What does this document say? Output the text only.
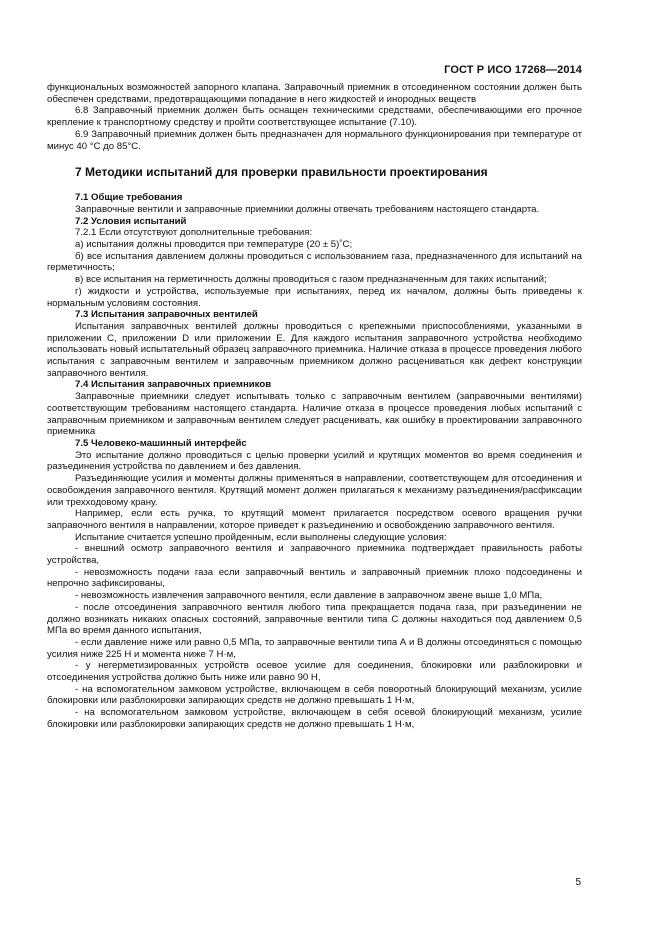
ГОСТ Р ИСО 17268—2014

функциональных возможностей запорного клапана. Заправочный приемник в отсоединенном состоянии должен быть обеспечен средствами, предотвращающими попадание в него жидкостей и инородных веществ

6.8 Заправочный приемник должен быть оснащен техническими средствами, обеспечивающими его прочное крепление к транспортному средству и пройти соответствующее испытание (7.10).

6.9 Заправочный приемник должен быть предназначен для нормального функционирования при температуре от минус 40 °С до 85°С.

7 Методики испытаний для проверки правильности проектирования

7.1 Общие требования

Заправочные вентили и заправочные приемники должны отвечать требованиям настоящего стандарта.

7.2 Условия испытаний

7.2.1 Если отсутствуют дополнительные требования:

а) испытания должны проводится при температуре (20 ± 5)˚С;

б) все испытания давлением должны проводиться с использованием газа, предназначенного для испытаний на герметичность;

в) все испытания на герметичность должны проводиться с газом предназначенным для таких испытаний;

г) жидкости и устройства, используемые при испытаниях, перед их началом, должны быть приведены к нормальным условиям состояния.

7.3 Испытания заправочных вентилей

Испытания заправочных вентилей должны проводиться с крепежными приспособлениями, указанными в приложении С, приложении D или приложении Е. Для каждого испытания заправочного устройства необходимо использовать новый испытательный образец заправочного приемника. Наличие отказа в процессе проведения любого испытания с заправочным вентилем и заправочным приемником должно расцениваться как дефект конструкции заправочного вентиля.

7.4 Испытания заправочных приемников

Заправочные приемники следует испытывать только с заправочным вентилем (заправочными вентилями) соответствующим требованиям настоящего стандарта. Наличие отказа в процессе проведения любых испытаний с заправочным приемником и заправочным вентилем следует расценивать, как ошибку в проектировании заправочного приемника

7.5 Человеко-машинный интерфейс

Это испытание должно проводиться с целью проверки усилий и крутящих моментов во время соединения и разъединения устройства по давлением и без давления.

Разъединяющие усилия и моменты должны применяться в направлении, соответствующем для отсоединения и освобождения заправочного вентиля. Крутящий момент должен прилагаться к механизму разъединения/расфиксации или трехходовому крану.

Например, если есть ручка, то крутящий момент прилагается посредством осевого вращения ручки заправочного вентиля в направлении, которое приведет к разъединению и освобождению заправочного вентиля.

Испытание считается успешно пройденным, если выполнены следующие условия:

- внешний осмотр заправочного вентиля и заправочного приемника подтверждает правильность работы устройства,

- невозможность подачи газа если заправочный вентиль и заправочный приемник плохо подсоединены и непрочно зафиксированы,

- невозможность извлечения заправочного вентиля, если давление в заправочном звене выше 1,0 МПа,

- после отсоединения заправочного вентиля любого типа прекращается подача газа, при разъединении не должно возникать никаких опасных состояний, заправочные вентили типа С должны находиться под давлением 0,5 МПа во время данного испытания,

- если давление ниже или равно 0,5 МПа, то заправочные вентили типа А и В должны отсоединяться с помощью усилия ниже 225 Н и момента ниже 7 Н·м,

- у негерметизированных устройств осевое усилие для соединения, блокировки или разблокировки и отсоединения устройства должно быть ниже или равно 90 Н,

- на вспомогательном замковом устройстве, включающем в себя поворотный блокирующий механизм, усилие блокировки или разблокировки запирающих средств не должно превышать 1 Н·м,

- на вспомогательном замковом устройстве, включающем в себя осевой блокирующий механизм, усилие блокировки или разблокировки запирающих средств не должно превышать 1 Н·м,

5
